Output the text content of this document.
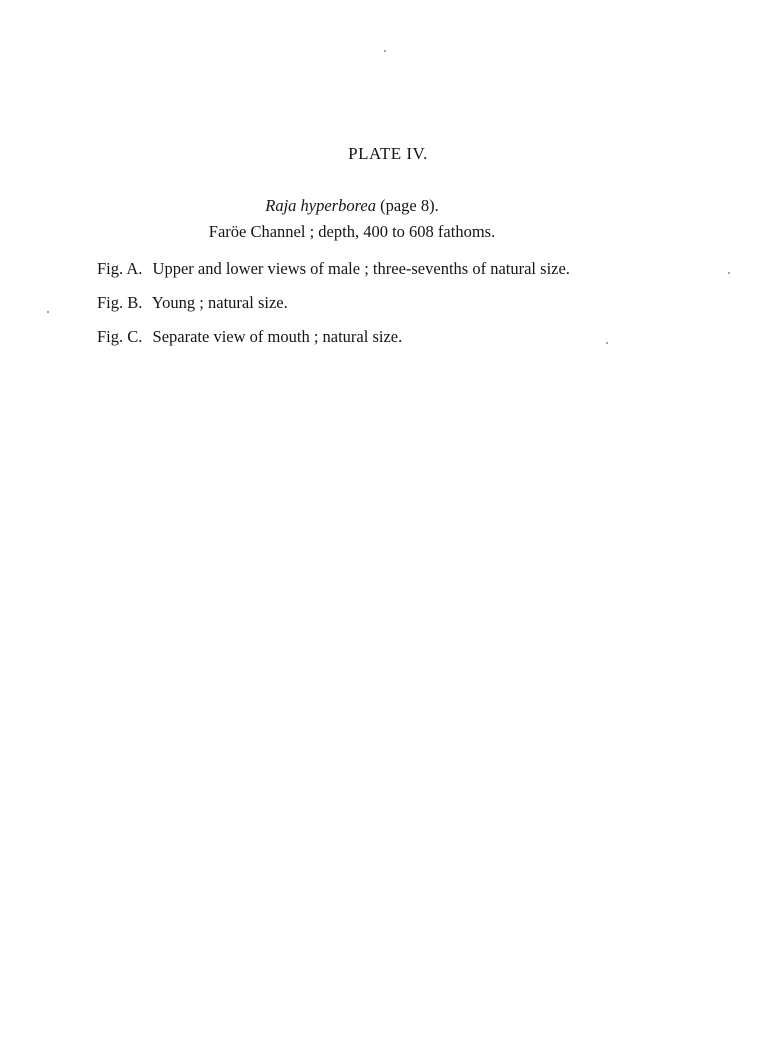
PLATE IV.
Raja hyperborea (page 8).
Faröe Channel ; depth, 400 to 608 fathoms.
Fig. A. Upper and lower views of male ; three-sevenths of natural size.
Fig. B. Young ; natural size.
Fig. C. Separate view of mouth ; natural size.
